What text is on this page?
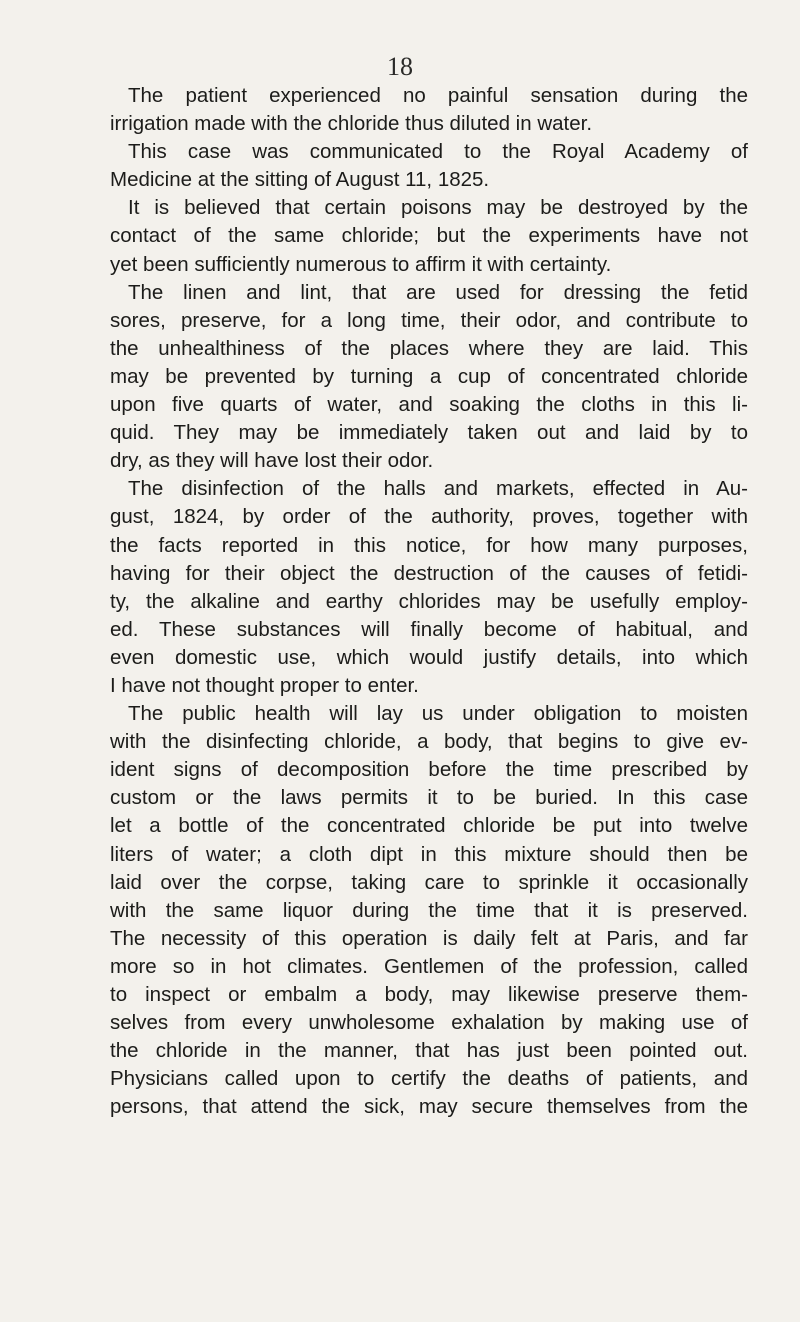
18
The patient experienced no painful sensation during the
irrigation made with the chloride thus diluted in water.
This case was communicated to the Royal Academy of
Medicine at the sitting of August 11, 1825.
It is believed that certain poisons may be destroyed by the
contact of the same chloride; but the experiments have not
yet been sufficiently numerous to affirm it with certainty.
The linen and lint, that are used for dressing the fetid
sores, preserve, for a long time, their odor, and contribute to
the unhealthiness of the places where they are laid. This
may be prevented by turning a cup of concentrated chloride
upon five quarts of water, and soaking the cloths in this li-
quid. They may be immediately taken out and laid by to
dry, as they will have lost their odor.
The disinfection of the halls and markets, effected in Au-
gust, 1824, by order of the authority, proves, together with
the facts reported in this notice, for how many purposes,
having for their object the destruction of the causes of fetidi-
ty, the alkaline and earthy chlorides may be usefully employ-
ed. These substances will finally become of habitual, and
even domestic use, which would justify details, into which
I have not thought proper to enter.
The public health will lay us under obligation to moisten
with the disinfecting chloride, a body, that begins to give ev-
ident signs of decomposition before the time prescribed by
custom or the laws permits it to be buried. In this case
let a bottle of the concentrated chloride be put into twelve
liters of water; a cloth dipt in this mixture should then be
laid over the corpse, taking care to sprinkle it occasionally
with the same liquor during the time that it is preserved.
The necessity of this operation is daily felt at Paris, and far
more so in hot climates. Gentlemen of the profession, called
to inspect or embalm a body, may likewise preserve them-
selves from every unwholesome exhalation by making use of
the chloride in the manner, that has just been pointed out.
Physicians called upon to certify the deaths of patients, and
persons, that attend the sick, may secure themselves from the
